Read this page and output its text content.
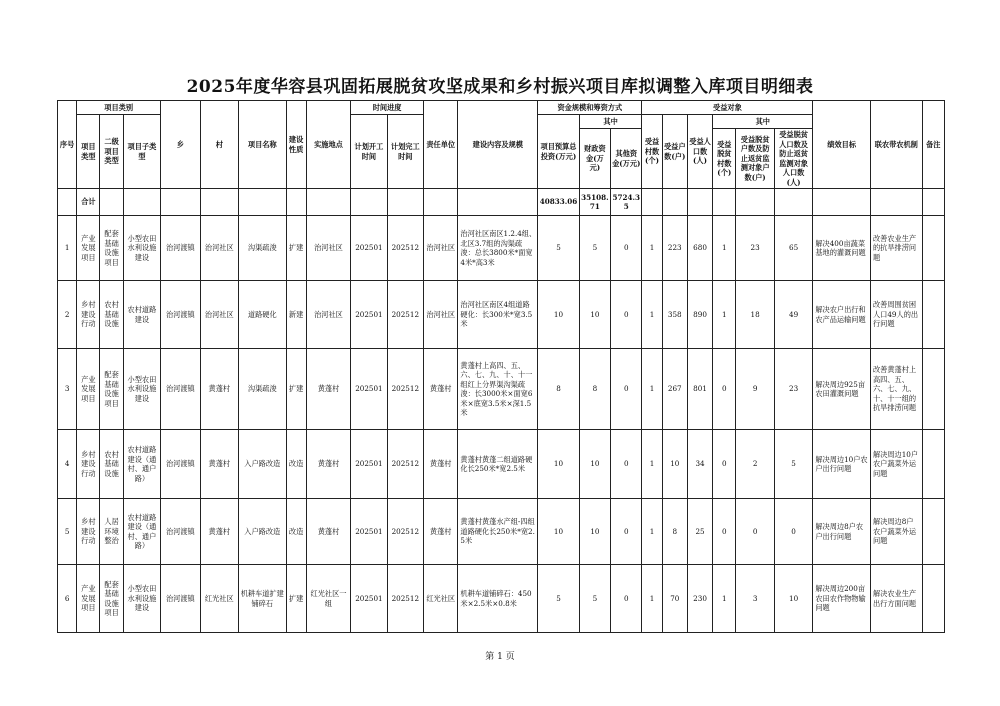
2025年度华容县巩固拓展脱贫攻坚成果和乡村振兴项目库拟调整入库项目明细表
序号	项目类别			乡	村	项目名称	建设性质	实施地点	时间进度		责任单位	建设内容及规模	资金规模和筹资方式			受益对象						绩效目标	联农带农机制	备注
	项目类型	二级项目类型	项目子类型						计划开工时间	计划完工时间			项目预算总投资(万元)	其中		受益村数(个)	受益户数(户)	受益人口数(人)	其中					
														财政资金(万元)	其他资金(万元)				受益脱贫村数(个)	受益脱贫户数及防止返贫监测对象户数(户)	受益脱贫人口数及防止返贫监测对象人口数(人)			
	合计												40833.06	35108.71	5724.35									
1	产业发展项目	配套基础设施项目	小型农田水利设施建设	治河渡镇	治河社区	沟渠疏浚	扩建	治河社区	202501	202512	治河社区	治河社区南区1.2.4组、北区3.7组的沟渠疏浚：总长3800米*面宽4米*高3米	5	5	0	1	223	680	1	23	65	解决400亩蔬菜基地的灌溉问题	改善农业生产的抗旱排涝问题	
2	乡村建设行动	农村基础设施	农村道路建设	治河渡镇	治河社区	道路硬化	新建	治河社区	202501	202512	治河社区	治河社区南区4组道路硬化：长300米*宽3.5米	10	10	0	1	358	890	1	18	49	解决农户出行和农产品运输问题	改善周围贫困人口49人的出行问题	
3	产业发展项目	配套基础设施项目	小型农田水利设施建设	治河渡镇	黄蓬村	沟渠疏浚	扩建	黄蓬村	202501	202512	黄蓬村	黄蓬村上高四、五、六、七、九、十、十一组红上分界渠沟渠疏浚：长3000米×面宽6米×底宽3.5米×深1.5米	8	8	0	1	267	801	0	9	23	解决周边925亩农田灌溉问题	改善黄蓬村上高四、五、六、七、九、十、十一组的抗旱排涝问题	
4	乡村建设行动	农村基础设施	农村道路建设（通村、通户路）	治河渡镇	黄蓬村	入户路改造	改造	黄蓬村	202501	202512	黄蓬村	黄蓬村黄蓬二组道路硬化长250米*宽2.5米	10	10	0	1	10	34	0	2	5	解决周边10户农户出行问题	解决周边10户农户蔬菜外运问题	
5	乡村建设行动	人居环境整治	农村道路建设（通村、通户路）	治河渡镇	黄蓬村	入户路改造	改造	黄蓬村	202501	202512	黄蓬村	黄蓬村黄蓬水产组-四组道路硬化长250米*宽2.5米	10	10	0	1	8	25	0	0	0	解决周边8户农户出行问题	解决周边8户农户蔬菜外运问题	
6	产业发展项目	配套基础设施项目	小型农田水利设施建设	治河渡镇	红光社区	机耕车道扩建铺碎石	扩建	红光社区一组	202501	202512	红光社区	机耕车道铺碎石：450米×2.5米×0.8米	5	5	0	1	70	230	1	3	10	解决周边200亩农田农作物物输问题	解决农业生产出行方面问题	
第 1 页
